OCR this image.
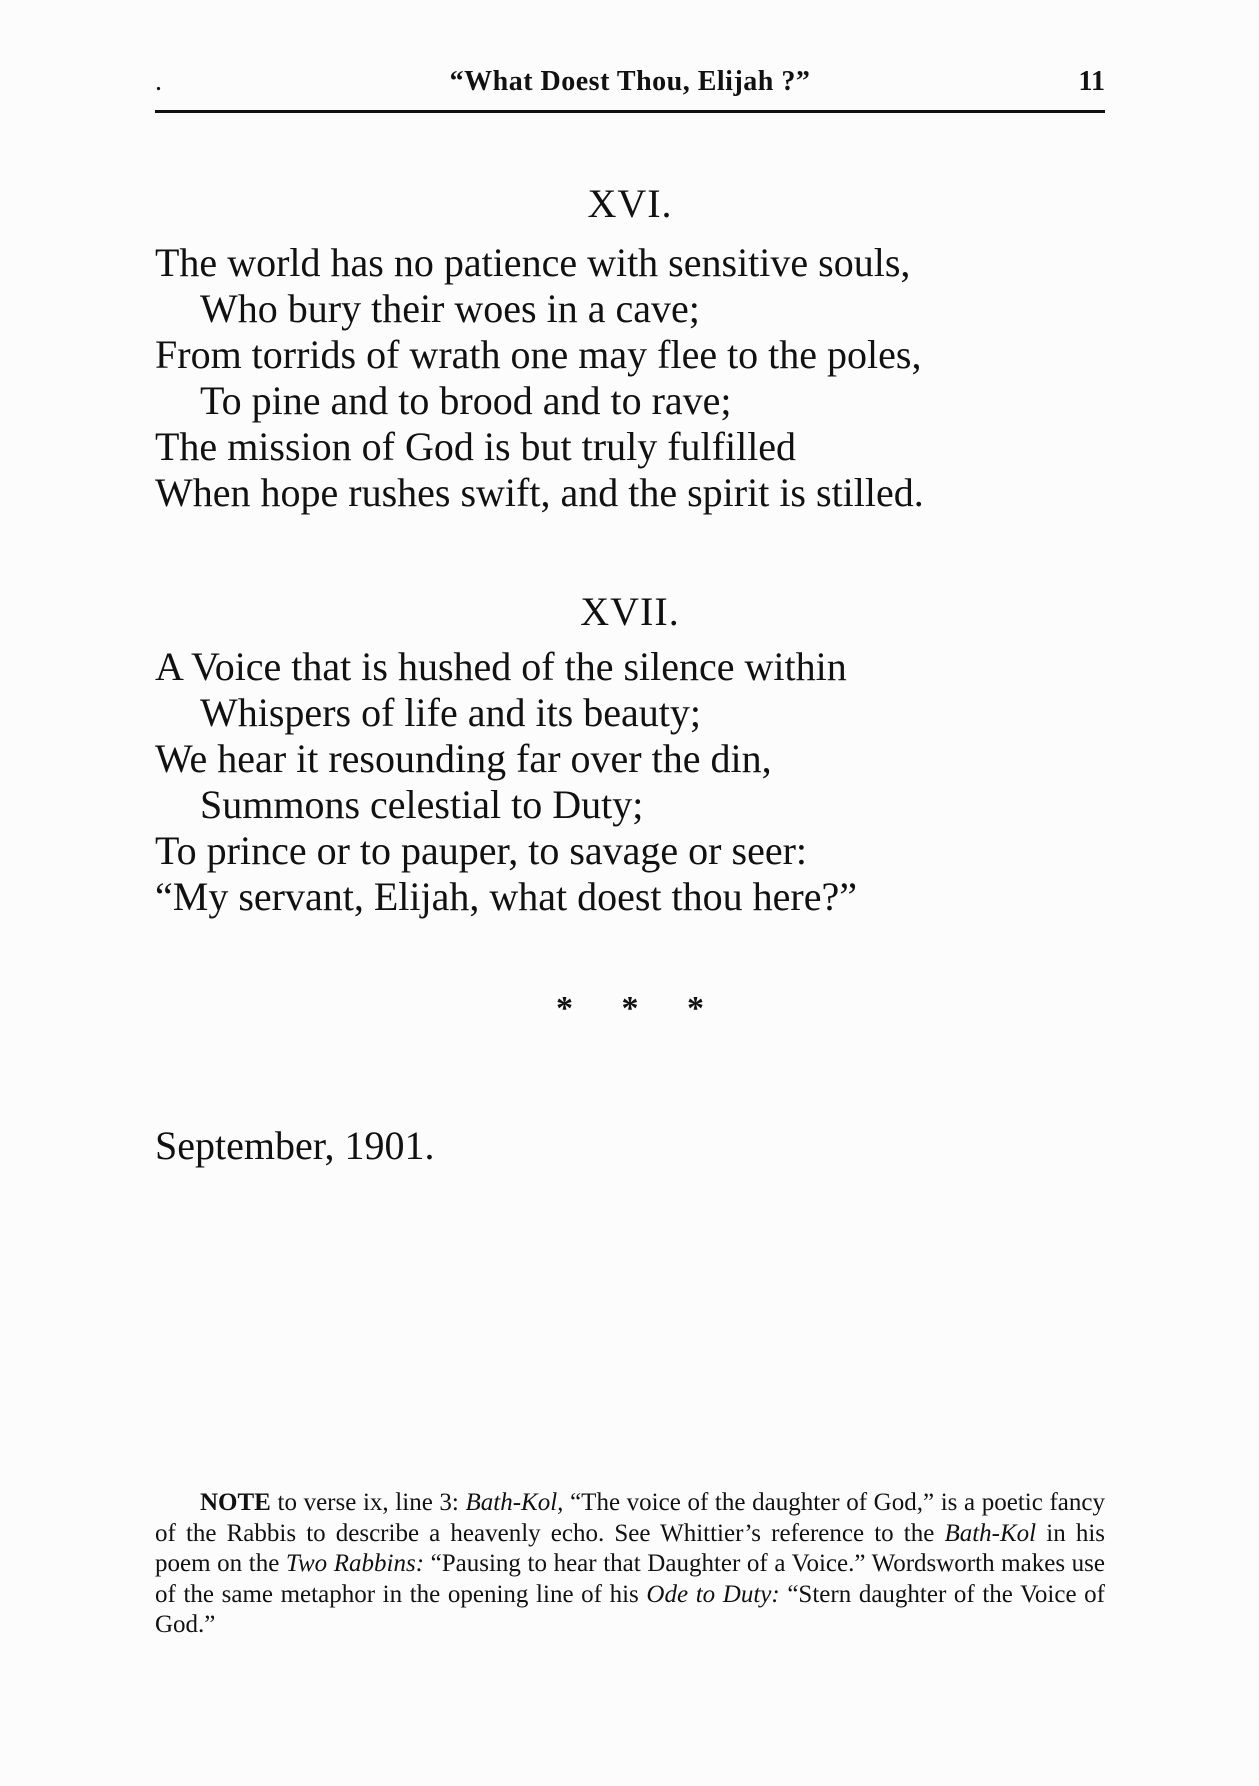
.	“What Doest Thou, Elijah ?”	11
XVI.
The world has no patience with sensitive souls,
Who bury their woes in a cave;
From torrids of wrath one may flee to the poles,
To pine and to brood and to rave;
The mission of God is but truly fulfilled
When hope rushes swift, and the spirit is stilled.
XVII.
A Voice that is hushed of the silence within
Whispers of life and its beauty;
We hear it resounding far over the din,
Summons celestial to Duty;
To prince or to pauper, to savage or seer:
“My servant, Elijah, what doest thou here?”
* * *
September, 1901.
NOTE to verse ix, line 3: Bath-Kol, “The voice of the daughter of God,” is a poetic fancy of the Rabbis to describe a heavenly echo. See Whittier’s reference to the Bath-Kol in his poem on the Two Rabbins: “Pausing to hear that Daughter of a Voice.” Wordsworth makes use of the same metaphor in the opening line of his Ode to Duty: “Stern daughter of the Voice of God.”
